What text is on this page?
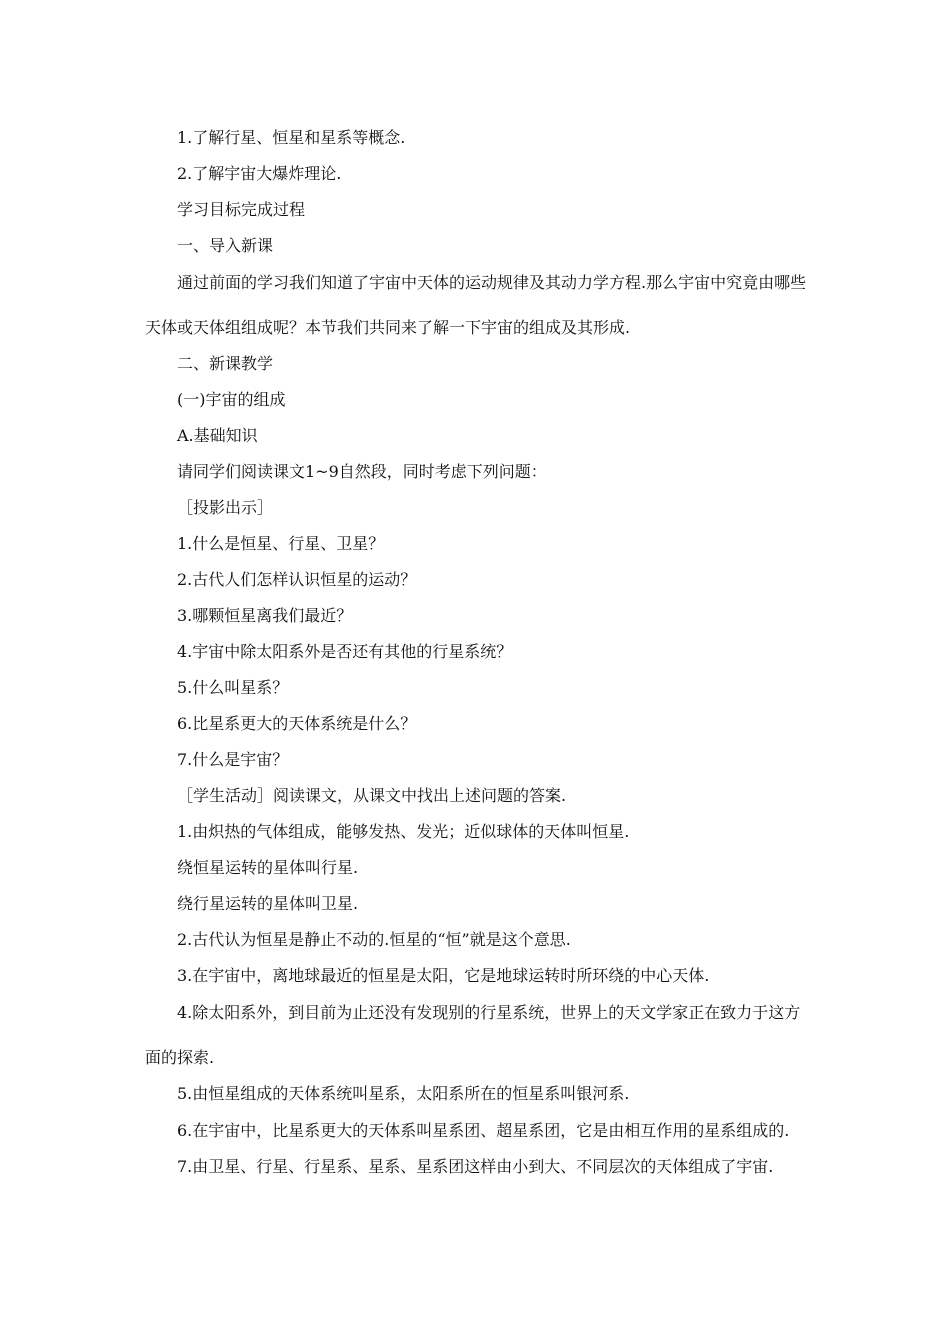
1.了解行星、恒星和星系等概念.

2.了解宇宙大爆炸理论.

学习目标完成过程

一、导入新课

通过前面的学习我们知道了宇宙中天体的运动规律及其动力学方程.那么宇宙中究竟由哪些天体或天体组组成呢？本节我们共同来了解一下宇宙的组成及其形成.

二、新课教学

(一)宇宙的组成

A.基础知识

请同学们阅读课文1~9自然段，同时考虑下列问题：

［投影出示］

1.什么是恒星、行星、卫星？

2.古代人们怎样认识恒星的运动？

3.哪颗恒星离我们最近？

4.宇宙中除太阳系外是否还有其他的行星系统？

5.什么叫星系？

6.比星系更大的天体系统是什么？

7.什么是宇宙？

［学生活动］阅读课文，从课文中找出上述问题的答案.

1.由炽热的气体组成，能够发热、发光；近似球体的天体叫恒星.

绕恒星运转的星体叫行星.

绕行星运转的星体叫卫星.

2.古代认为恒星是静止不动的.恒星的“恒”就是这个意思.

3.在宇宙中，离地球最近的恒星是太阳，它是地球运转时所环绕的中心天体.

4.除太阳系外，到目前为止还没有发现别的行星系统，世界上的天文学家正在致力于这方面的探索.

5.由恒星组成的天体系统叫星系，太阳系所在的恒星系叫银河系.

6.在宇宙中，比星系更大的天体系叫星系团、超星系团，它是由相互作用的星系组成的.

7.由卫星、行星、行星系、星系、星系团这样由小到大、不同层次的天体组成了宇宙.
